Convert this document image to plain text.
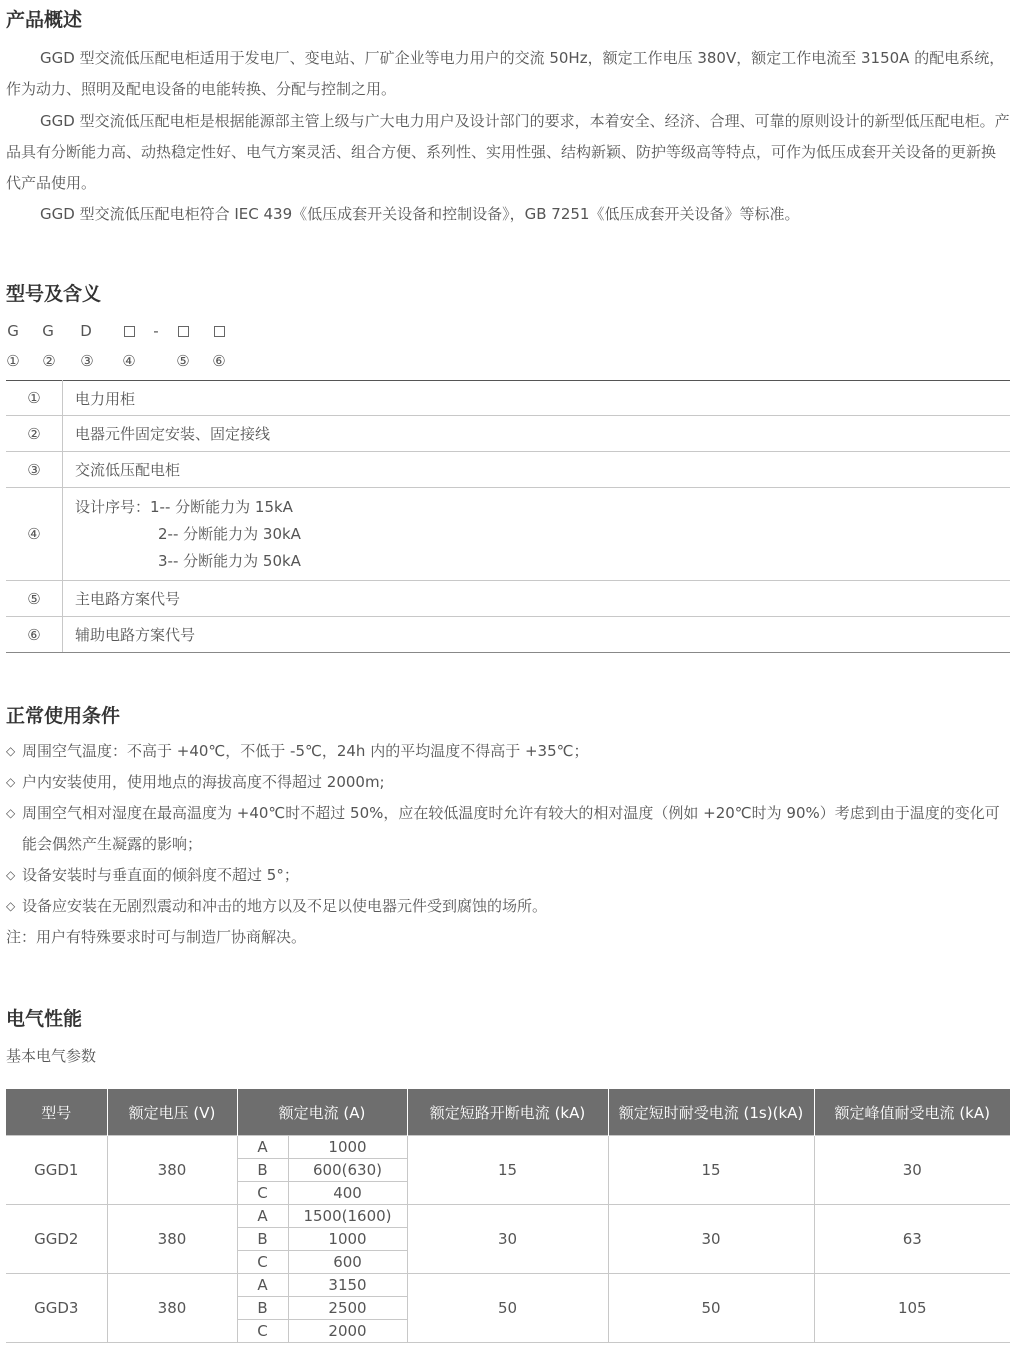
产品概述

GGD 型交流低压配电柜适用于发电厂、变电站、厂矿企业等电力用户的交流 50Hz，额定工作电压 380V，额定工作电流至 3150A 的配电系统，作为动力、照明及配电设备的电能转换、分配与控制之用。

GGD 型交流低压配电柜是根据能源部主管上级与广大电力用户及设计部门的要求，本着安全、经济、合理、可靠的原则设计的新型低压配电柜。产品具有分断能力高、动热稳定性好、电气方案灵活、组合方便、系列性、实用性强、结构新颖、防护等级高等特点，可作为低压成套开关设备的更新换代产品使用。

GGD 型交流低压配电柜符合 IEC 439《低压成套开关设备和控制设备》，GB 7251《低压成套开关设备》等标准。

型号及含义
G G D	-
① ② ③ ④	⑤ ⑥
①	电力用柜
②	电器元件固定安装、固定接线
③	交流低压配电柜
④	设计序号：1-- 分断能力为 15kA
2-- 分断能力为 30kA
3-- 分断能力为 50kA

⑤	主电路方案代号
⑥	辅助电路方案代号
正常使用条件
◇ 周围空气温度：不高于 +40℃，不低于 -5℃，24h 内的平均温度不得高于 +35℃；
◇ 户内安装使用，使用地点的海拔高度不得超过 2000m;
◇ 周围空气相对湿度在最高温度为 +40℃时不超过 50%，应在较低温度时允许有较大的相对温度（例如 +20℃时为 90%）考虑到由于温度的变化可能会偶然产生凝露的影响；
◇ 设备安装时与垂直面的倾斜度不超过 5°；
◇ 设备应安装在无剧烈震动和冲击的地方以及不足以使电器元件受到腐蚀的场所。
注：用户有特殊要求时可与制造厂协商解决。
电气性能

基本电气参数

型号	额定电压 (V)	额定电流 (A)		额定短路开断电流 (kA)	额定短时耐受电流 (1s)(kA)	额定峰值耐受电流 (kA)
GGD1	380	A	1000	15	15	30
		B	600(630)			
		C	400			
GGD2	380	A	1500(1600)	30	30	63
		B	1000			
		C	600			
GGD3	380	A	3150	50	50	105
		B	2500			
		C	2000			
